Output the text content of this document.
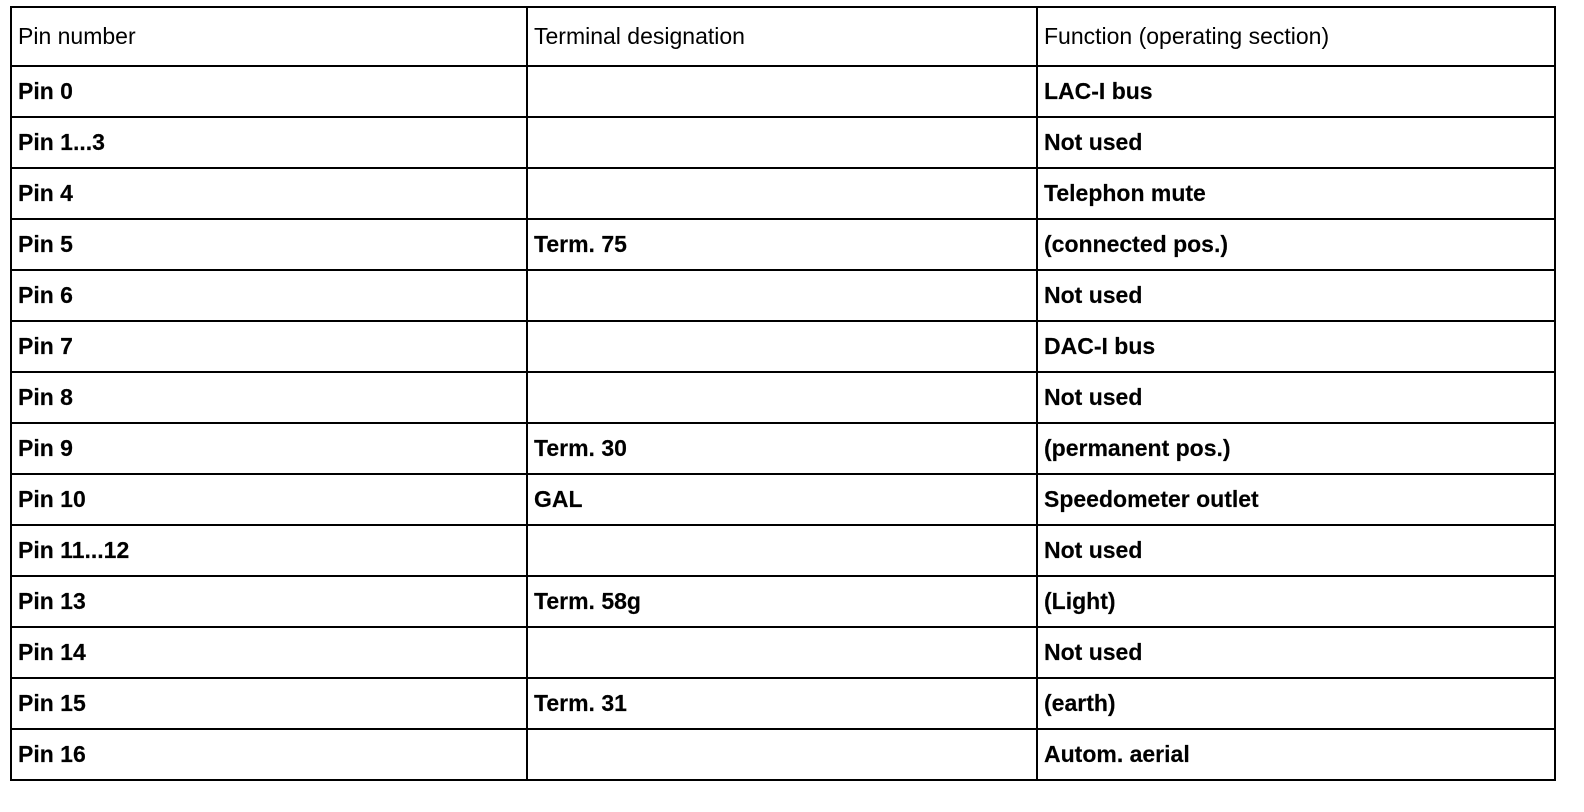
Pin number	Terminal designation	Function (operating section)
Pin 0		LAC-I bus
Pin 1...3		Not used
Pin 4		Telephon mute
Pin 5	Term. 75	(connected pos.)
Pin 6		Not used
Pin 7		DAC-I bus
Pin 8		Not used
Pin 9	Term. 30	(permanent pos.)
Pin 10	GAL	Speedometer outlet
Pin 11...12		Not used
Pin 13	Term. 58g	(Light)
Pin 14		Not used
Pin 15	Term. 31	(earth)
Pin 16		Autom. aerial
